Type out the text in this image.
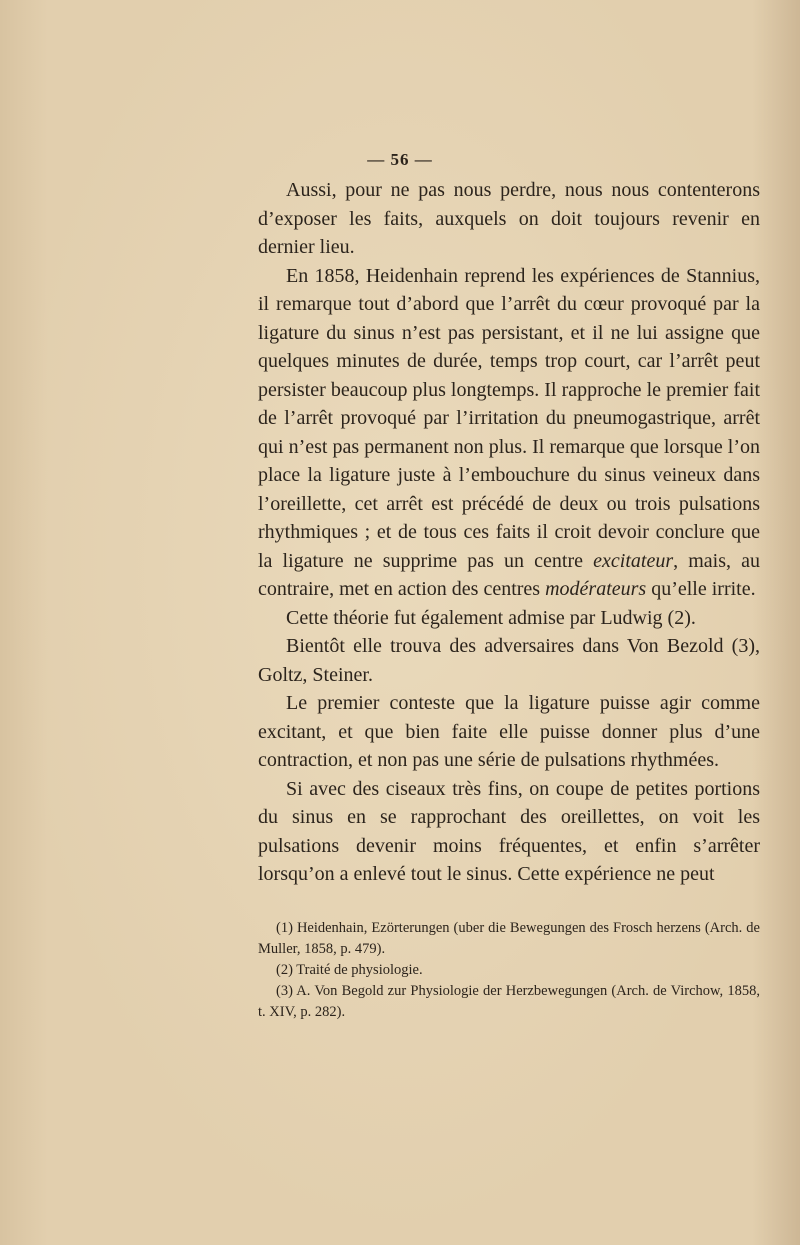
— 56 —

Aussi, pour ne pas nous perdre, nous nous contenterons d’exposer les faits, auxquels on doit toujours revenir en dernier lieu.

En 1858, Heidenhain reprend les expériences de Stannius, il remarque tout d’abord que l’arrêt du cœur provoqué par la ligature du sinus n’est pas persistant, et il ne lui assigne que quelques minutes de durée, temps trop court, car l’arrêt peut persister beaucoup plus longtemps. Il rapproche le premier fait de l’arrêt provoqué par l’irritation du pneumogastrique, arrêt qui n’est pas permanent non plus. Il remarque que lorsque l’on place la ligature juste à l’embouchure du sinus veineux dans l’oreillette, cet arrêt est précédé de deux ou trois pulsations rhythmiques ; et de tous ces faits il croit devoir conclure que la ligature ne supprime pas un centre excitateur, mais, au contraire, met en action des centres modérateurs qu’elle irrite.

Cette théorie fut également admise par Ludwig (2).

Bientôt elle trouva des adversaires dans Von Bezold (3), Goltz, Steiner.

Le premier conteste que la ligature puisse agir comme excitant, et que bien faite elle puisse donner plus d’une contraction, et non pas une série de pulsations rhythmées.

Si avec des ciseaux très fins, on coupe de petites portions du sinus en se rapprochant des oreillettes, on voit les pulsations devenir moins fréquentes, et enfin s’arrêter lorsqu’on a enlevé tout le sinus. Cette expérience ne peut

(1) Heidenhain, Ezörterungen (uber die Bewegungen des Frosch herzens (Arch. de Muller, 1858, p. 479).

(2) Traité de physiologie.

(3) A. Von Begold zur Physiologie der Herzbewegungen (Arch. de Virchow, 1858, t. XIV, p. 282).
